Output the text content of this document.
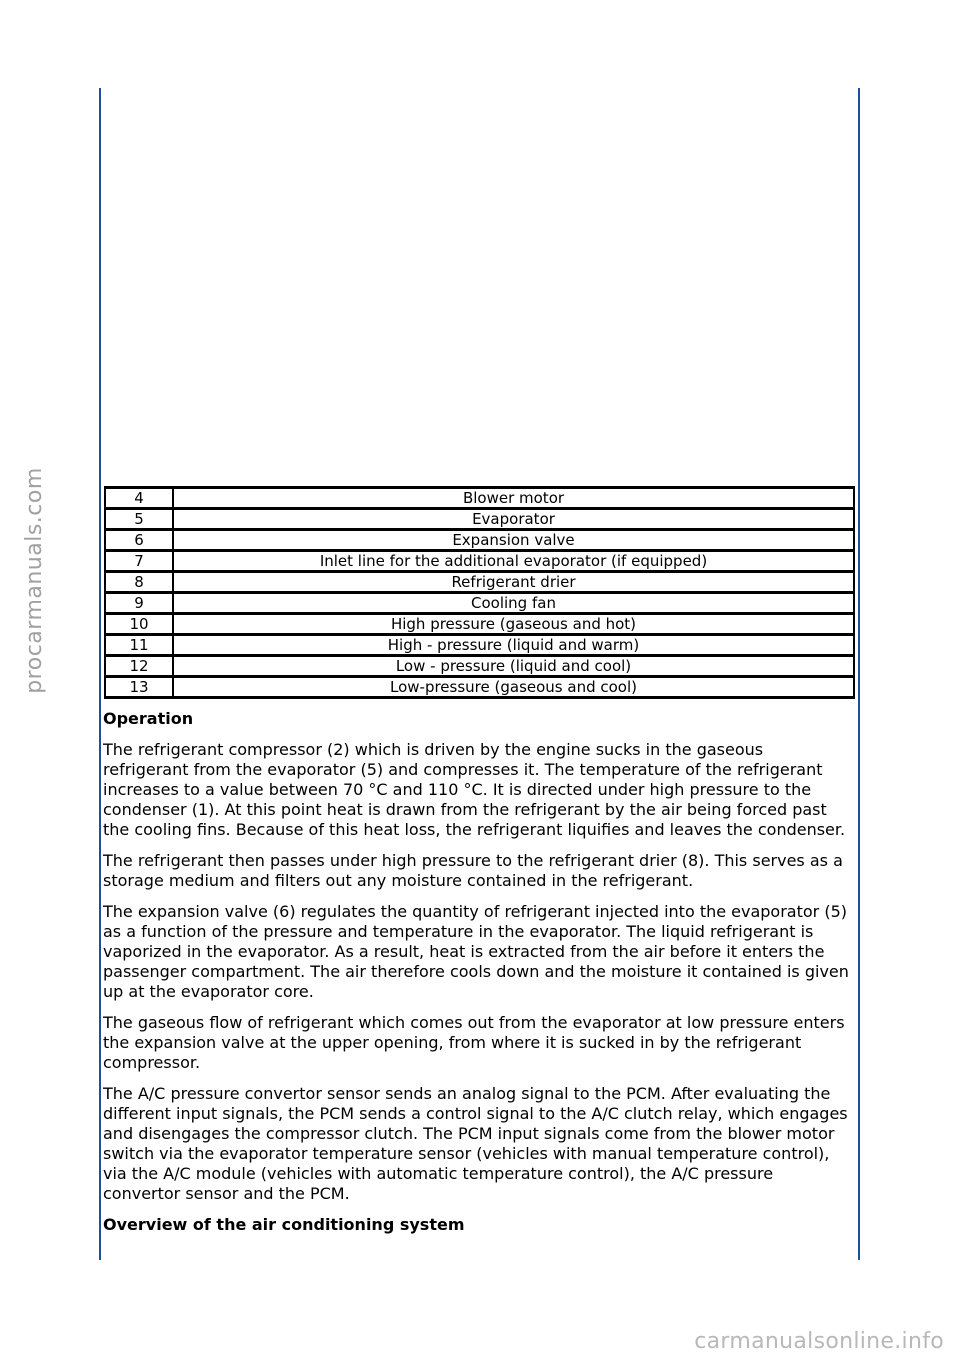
procarmanuals.com	4	Blower motor
5	Evaporator
6	Expansion valve
7	Inlet line for the additional evaporator (if equipped)
8	Refrigerant drier
9	Cooling fan
10	High pressure (gaseous and hot)
11	High - pressure (liquid and warm)
12	Low - pressure (liquid and cool)
13	Low-pressure (gaseous and cool)

Operation

The refrigerant compressor (2) which is driven by the engine sucks in the gaseous refrigerant from the evaporator (5) and compresses it. The temperature of the refrigerant increases to a value between 70 °C and 110 °C. It is directed under high pressure to the condenser (1). At this point heat is drawn from the refrigerant by the air being forced past the cooling fins. Because of this heat loss, the refrigerant liquifies and leaves the condenser.

The refrigerant then passes under high pressure to the refrigerant drier (8). This serves as a storage medium and filters out any moisture contained in the refrigerant.

The expansion valve (6) regulates the quantity of refrigerant injected into the evaporator (5) as a function of the pressure and temperature in the evaporator. The liquid refrigerant is vaporized in the evaporator. As a result, heat is extracted from the air before it enters the passenger compartment. The air therefore cools down and the moisture it contained is given up at the evaporator core.

The gaseous flow of refrigerant which comes out from the evaporator at low pressure enters the expansion valve at the upper opening, from where it is sucked in by the refrigerant compressor.

The A/C pressure convertor sensor sends an analog signal to the PCM. After evaluating the different input signals, the PCM sends a control signal to the A/C clutch relay, which engages and disengages the compressor clutch. The PCM input signals come from the blower motor switch via the evaporator temperature sensor (vehicles with manual temperature control), via the A/C module (vehicles with automatic temperature control), the A/C pressure convertor sensor and the PCM.

Overview of the air conditioning system

carmanualsonline.info
